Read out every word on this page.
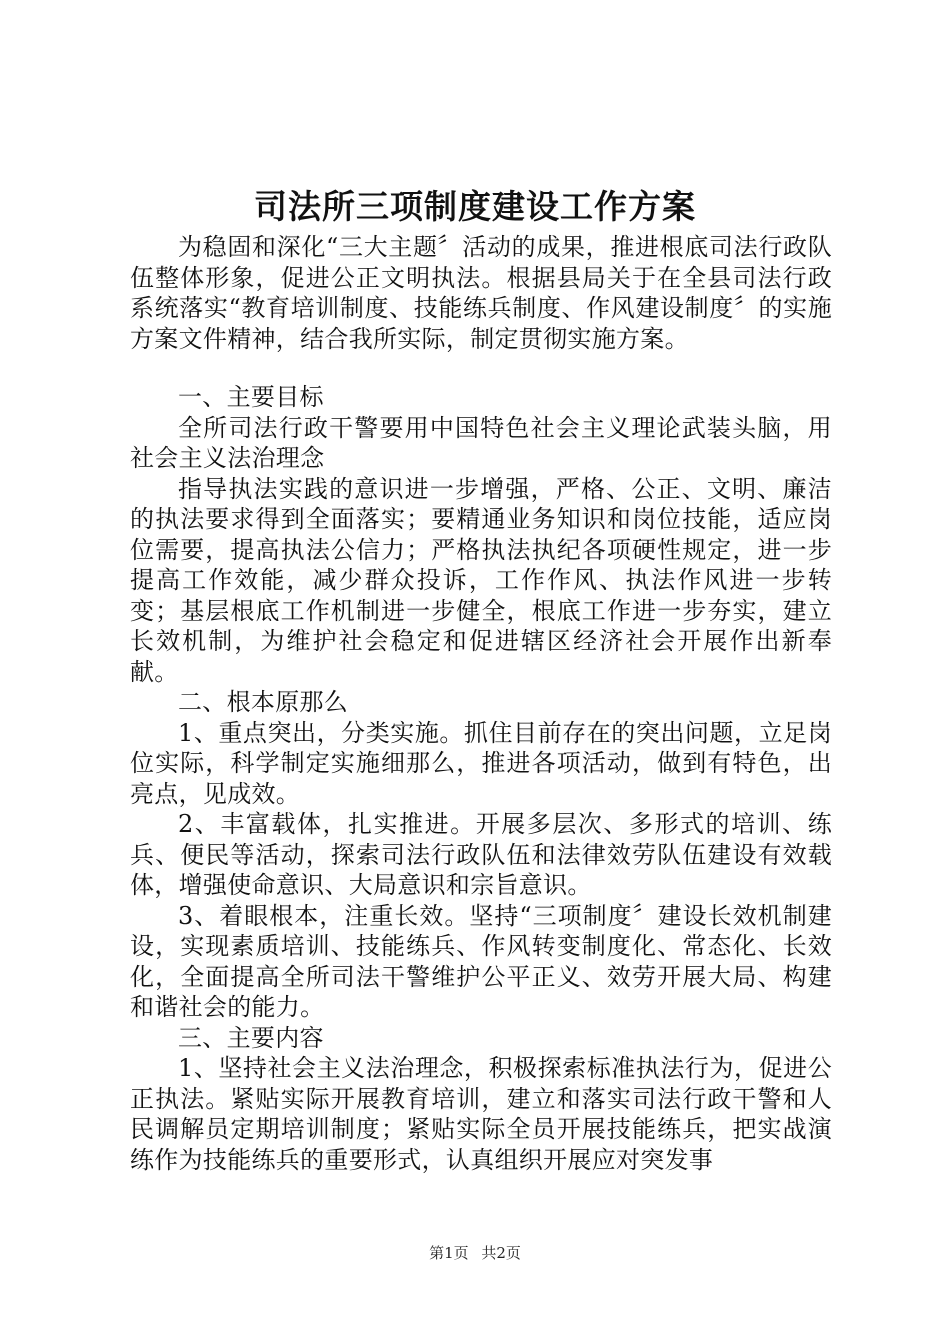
司法所三项制度建设工作方案

为稳固和深化“三大主题〞活动的成果，推进根底司法行政队伍整体形象，促进公正文明执法。根据县局关于在全县司法行政系统落实“教育培训制度、技能练兵制度、作风建设制度〞的实施方案文件精神，结合我所实际，制定贯彻实施方案。

一、主要目标

全所司法行政干警要用中国特色社会主义理论武装头脑，用社会主义法治理念

指导执法实践的意识进一步增强，严格、公正、文明、廉洁的执法要求得到全面落实；要精通业务知识和岗位技能，适应岗位需要，提高执法公信力；严格执法执纪各项硬性规定，进一步提高工作效能，减少群众投诉，工作作风、执法作风进一步转变；基层根底工作机制进一步健全，根底工作进一步夯实，建立长效机制，为维护社会稳定和促进辖区经济社会开展作出新奉献。

二、根本原那么

1、重点突出，分类实施。抓住目前存在的突出问题，立足岗位实际，科学制定实施细那么，推进各项活动，做到有特色，出亮点，见成效。

2、丰富载体，扎实推进。开展多层次、多形式的培训、练兵、便民等活动，探索司法行政队伍和法律效劳队伍建设有效载体，增强使命意识、大局意识和宗旨意识。

3、着眼根本，注重长效。坚持“三项制度〞建设长效机制建设，实现素质培训、技能练兵、作风转变制度化、常态化、长效化，全面提高全所司法干警维护公平正义、效劳开展大局、构建和谐社会的能力。

三、主要内容

1、坚持社会主义法治理念，积极探索标准执法行为，促进公正执法。紧贴实际开展教育培训，建立和落实司法行政干警和人民调解员定期培训制度；紧贴实际全员开展技能练兵，把实战演练作为技能练兵的重要形式，认真组织开展应对突发事

第1页 共2页
